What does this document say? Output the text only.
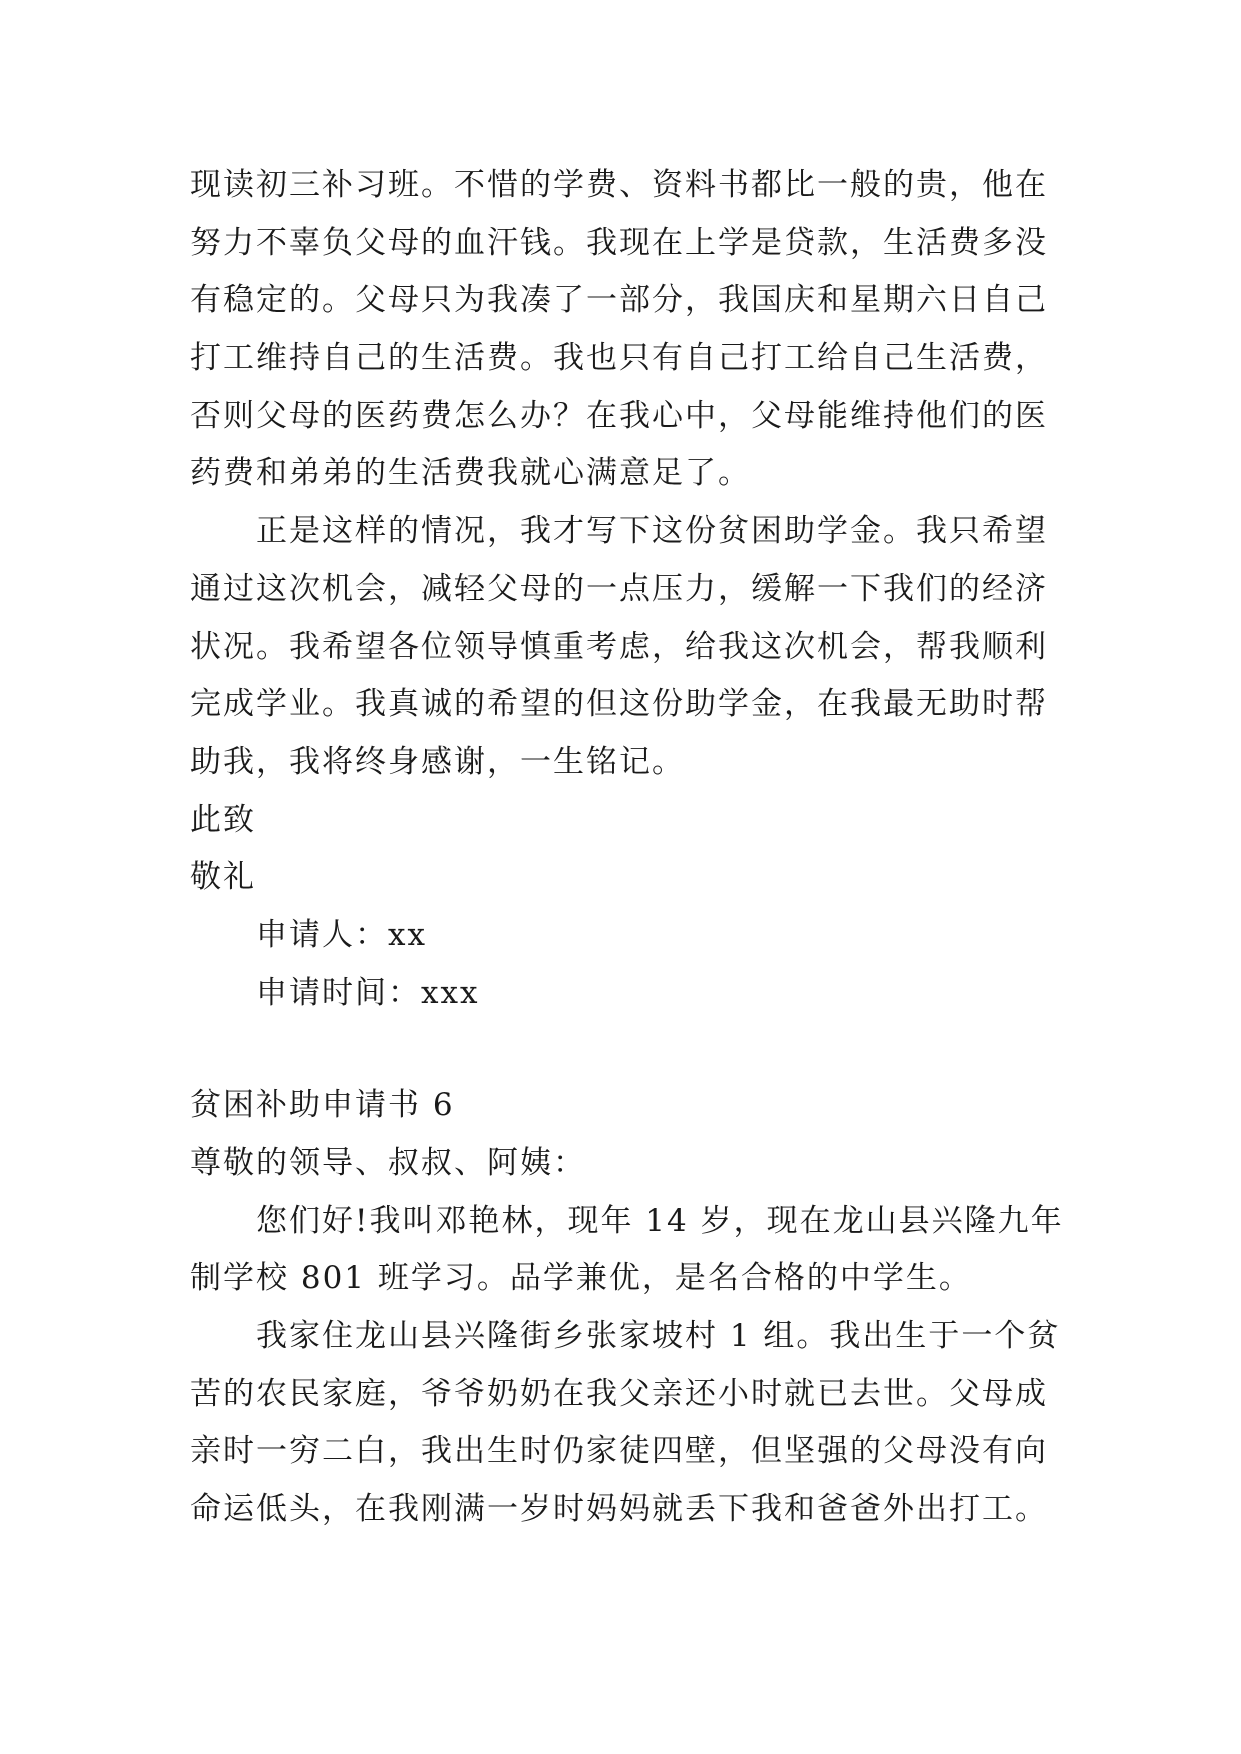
现读初三补习班。不惜的学费、资料书都比一般的贵，他在
努力不辜负父母的血汗钱。我现在上学是贷款，生活费多没
有稳定的。父母只为我凑了一部分，我国庆和星期六日自己
打工维持自己的生活费。我也只有自己打工给自己生活费，
否则父母的医药费怎么办？在我心中，父母能维持他们的医
药费和弟弟的生活费我就心满意足了。
正是这样的情况，我才写下这份贫困助学金。我只希望
通过这次机会，减轻父母的一点压力，缓解一下我们的经济
状况。我希望各位领导慎重考虑，给我这次机会，帮我顺利
完成学业。我真诚的希望的但这份助学金，在我最无助时帮
助我，我将终身感谢，一生铭记。
此致
敬礼
申请人：xx
申请时间：xxx
贫困补助申请书 6
尊敬的领导、叔叔、阿姨：
您们好!我叫邓艳林，现年 14 岁，现在龙山县兴隆九年
制学校 801 班学习。品学兼优，是名合格的中学生。
我家住龙山县兴隆街乡张家坡村 1 组。我出生于一个贫
苦的农民家庭，爷爷奶奶在我父亲还小时就已去世。父母成
亲时一穷二白，我出生时仍家徒四壁，但坚强的父母没有向
命运低头，在我刚满一岁时妈妈就丢下我和爸爸外出打工。
